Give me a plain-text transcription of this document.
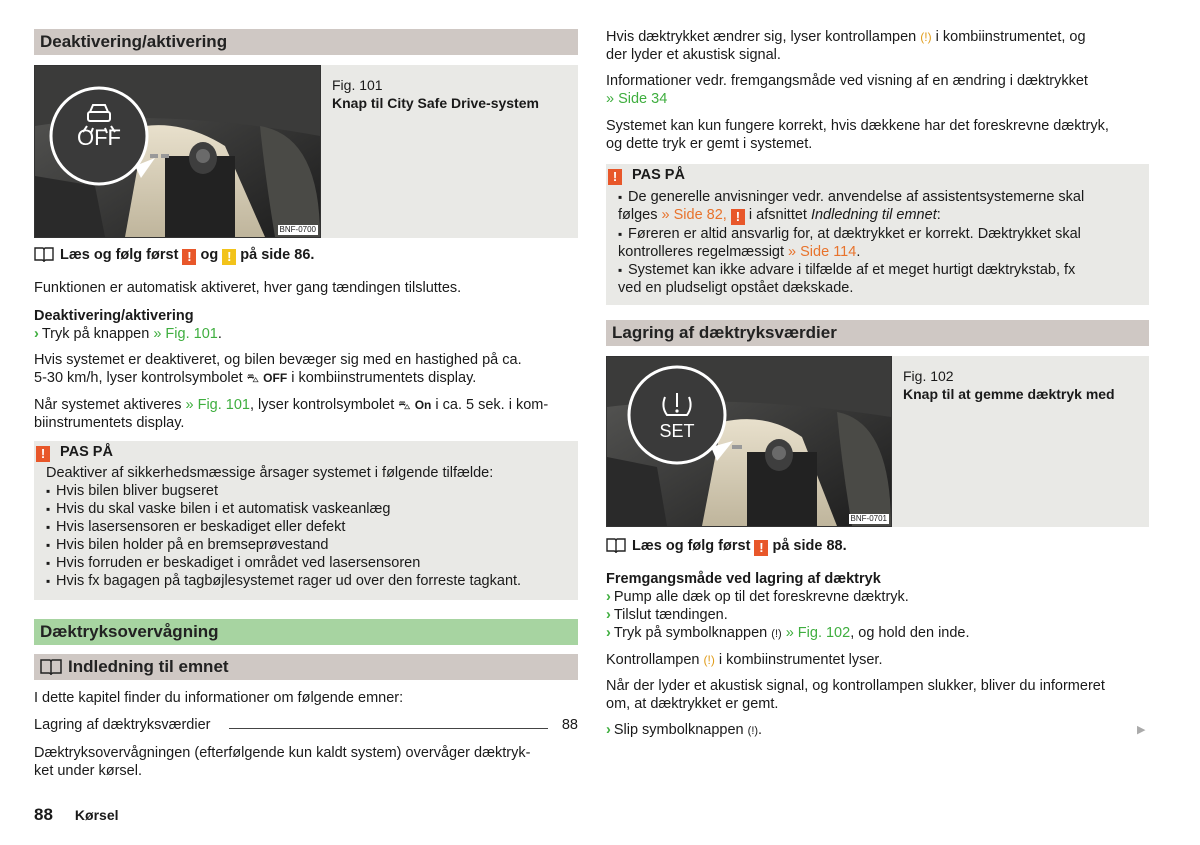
Deaktivering/aktivering
OFF
BNF-0700
Fig. 101
Knap til City Safe Drive-system
Læs og følg først ! og ! på side 86.
Funktionen er automatisk aktiveret, hver gang tændingen tilsluttes.
Deaktivering/aktivering
› Tryk på knappen » Fig. 101.
Hvis systemet er deaktiveret, og bilen bevæger sig med en hastighed på ca.
5-30 km/h, lyser kontrolsymbolet ⛍ OFF i kombiinstrumentets display.
Når systemet aktiveres » Fig. 101, lyser kontrolsymbolet ⛍ On i ca. 5 sek. i kom-
biinstrumentets display.
! PAS PÅ
Deaktiver af sikkerhedsmæssige årsager systemet i følgende tilfælde:
▪ Hvis bilen bliver bugseret
▪ Hvis du skal vaske bilen i et automatisk vaskeanlæg
▪ Hvis lasersensoren er beskadiget eller defekt
▪ Hvis bilen holder på en bremseprøvestand
▪ Hvis forruden er beskadiget i området ved lasersensoren
▪ Hvis fx bagagen på tagbøjlesystemet rager ud over den forreste tagkant.
Dæktryksovervågning
Indledning til emnet
I dette kapitel finder du informationer om følgende emner:
Lagring af dæktryksværdier	88
Dæktryksovervågningen (efterfølgende kun kaldt system) overvåger dæktryk-
ket under kørsel.
Hvis dæktrykket ændrer sig, lyser kontrollampen (!) i kombiinstrumentet, og
der lyder et akustisk signal.
Informationer vedr. fremgangsmåde ved visning af en ændring i dæktrykket
» Side 34
Systemet kan kun fungere korrekt, hvis dækkene har det foreskrevne dæktryk,
og dette tryk er gemt i systemet.
! PAS PÅ
▪ De generelle anvisninger vedr. anvendelse af assistentsystemerne skal
følges » Side 82, ! i afsnittet Indledning til emnet:
▪ Føreren er altid ansvarlig for, at dæktrykket er korrekt. Dæktrykket skal
kontrolleres regelmæssigt » Side 114.
▪ Systemet kan ikke advare i tilfælde af et meget hurtigt dæktrykstab, fx
ved en pludseligt opstået dækskade.
Lagring af dæktryksværdier
SET
BNF-0701
Fig. 102
Knap til at gemme dæktryk med
Læs og følg først ! på side 88.
Fremgangsmåde ved lagring af dæktryk
› Pump alle dæk op til det foreskrevne dæktryk.
› Tilslut tændingen.
› Tryk på symbolknappen (!) » Fig. 102, og hold den inde.
Kontrollampen (!) i kombiinstrumentet lyser.
Når der lyder et akustisk signal, og kontrollampen slukker, bliver du informeret
om, at dæktrykket er gemt.
› Slip symbolknappen (!).	▶
88 Kørsel
